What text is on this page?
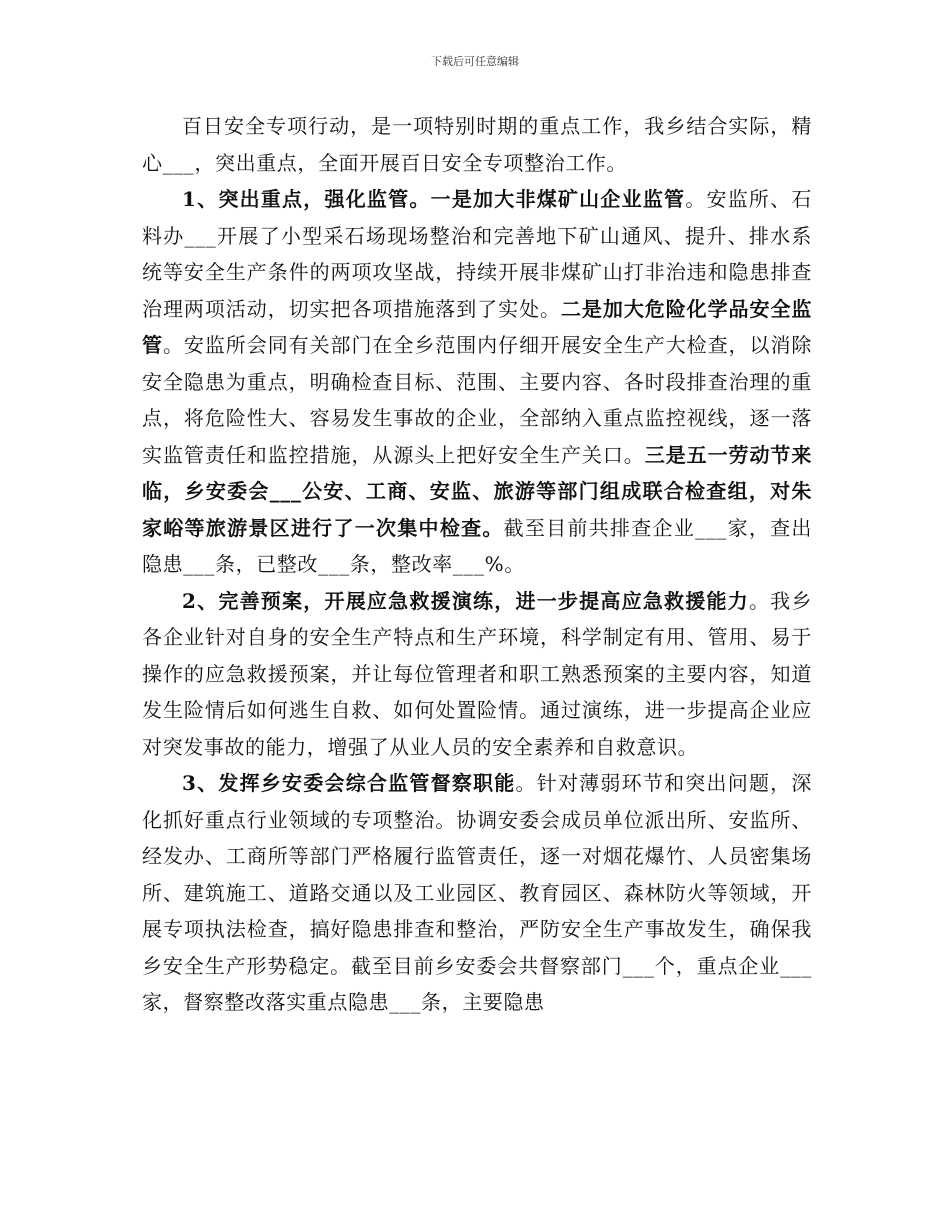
下载后可任意编辑

百日安全专项行动，是一项特别时期的重点工作，我乡结合实际，精心___，突出重点，全面开展百日安全专项整治工作。

1、突出重点，强化监管。一是加大非煤矿山企业监管。安监所、石料办___开展了小型采石场现场整治和完善地下矿山通风、提升、排水系统等安全生产条件的两项攻坚战，持续开展非煤矿山打非治违和隐患排查治理两项活动，切实把各项措施落到了实处。二是加大危险化学品安全监管。安监所会同有关部门在全乡范围内仔细开展安全生产大检查，以消除安全隐患为重点，明确检查目标、范围、主要内容、各时段排查治理的重点，将危险性大、容易发生事故的企业，全部纳入重点监控视线，逐一落实监管责任和监控措施，从源头上把好安全生产关口。三是五一劳动节来临，乡安委会___公安、工商、安监、旅游等部门组成联合检查组，对朱家峪等旅游景区进行了一次集中检查。截至目前共排查企业___家，查出隐患___条，已整改___条，整改率___%。

2、完善预案，开展应急救援演练，进一步提高应急救援能力。我乡各企业针对自身的安全生产特点和生产环境，科学制定有用、管用、易于操作的应急救援预案，并让每位管理者和职工熟悉预案的主要内容，知道发生险情后如何逃生自救、如何处置险情。通过演练，进一步提高企业应对突发事故的能力，增强了从业人员的安全素养和自救意识。

3、发挥乡安委会综合监管督察职能。针对薄弱环节和突出问题，深化抓好重点行业领域的专项整治。协调安委会成员单位派出所、安监所、经发办、工商所等部门严格履行监管责任，逐一对烟花爆竹、人员密集场所、建筑施工、道路交通以及工业园区、教育园区、森林防火等领域，开展专项执法检查，搞好隐患排查和整治，严防安全生产事故发生，确保我乡安全生产形势稳定。截至目前乡安委会共督察部门___个，重点企业___家，督察整改落实重点隐患___条，主要隐患
